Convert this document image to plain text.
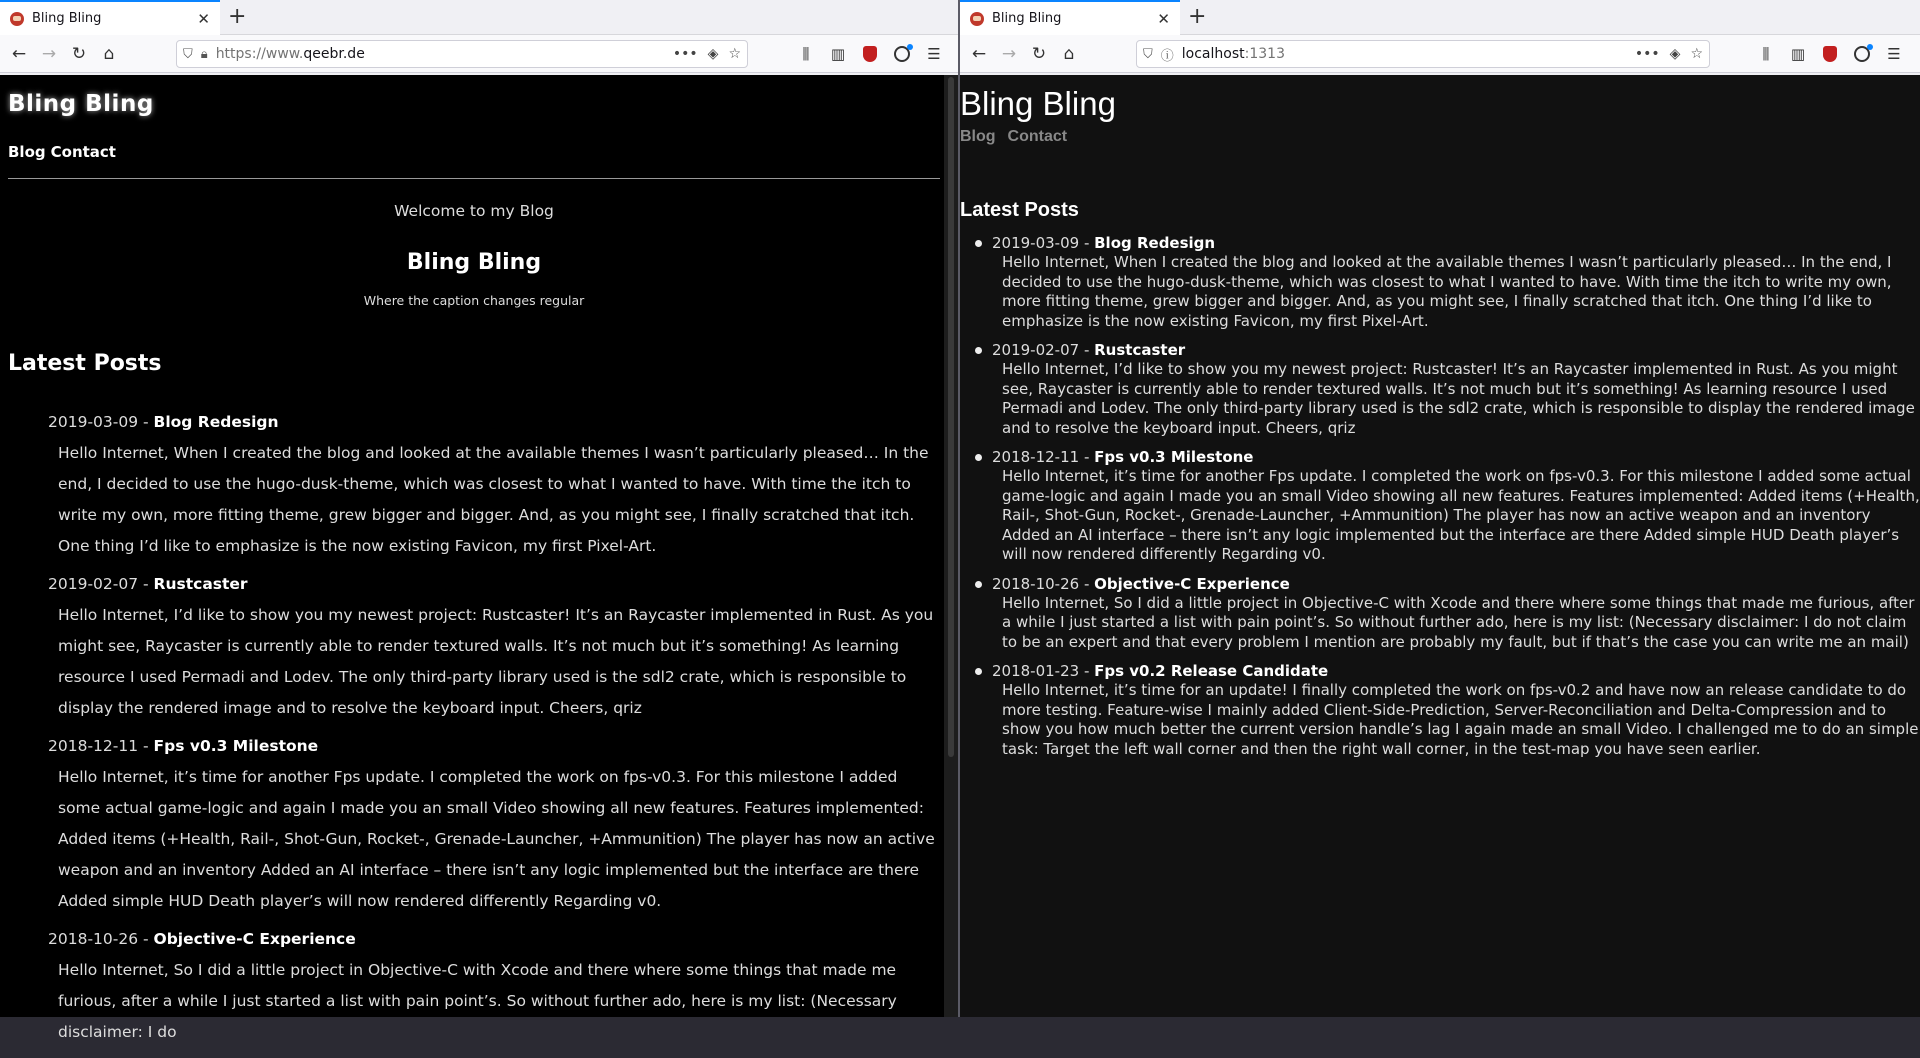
Bling Bling	✕ +
← → ↻	⌂	⛉ 🔒︎ https://www.qeebr.de	••• ◈ ☆	⫼	▥	☰
Bling Bling
Blog Contact
Welcome to my Blog
Bling Bling
Where the caption changes regular
Latest Posts
2019-03-09 - Blog Redesign
Hello Internet, When I created the blog and looked at the available themes I wasn’t particularly pleased… In the end, I decided to use the hugo-dusk-theme, which was closest to what I wanted to have. With time the itch to write my own, more fitting theme, grew bigger and bigger. And, as you might see, I finally scratched that itch. One thing I’d like to emphasize is the now existing Favicon, my first Pixel-Art.
2019-02-07 - Rustcaster
Hello Internet, I’d like to show you my newest project: Rustcaster! It’s an Raycaster implemented in Rust. As you might see, Raycaster is currently able to render textured walls. It’s not much but it’s something! As learning resource I used Permadi and Lodev. The only third-party library used is the sdl2 crate, which is responsible to display the rendered image and to resolve the keyboard input. Cheers, qriz
2018-12-11 - Fps v0.3 Milestone
Hello Internet, it’s time for another Fps update. I completed the work on fps-v0.3. For this milestone I added some actual game-logic and again I made you an small Video showing all new features. Features implemented: Added items (+Health, Rail-, Shot-Gun, Rocket-, Grenade-Launcher, +Ammunition) The player has now an active weapon and an inventory Added an AI interface – there isn’t any logic implemented but the interface are there Added simple HUD Death player’s will now rendered differently Regarding v0.
2018-10-26 - Objective-C Experience
Hello Internet, So I did a little project in Objective-C with Xcode and there where some things that made me furious, after a while I just started a list with pain point’s. So without further ado, here is my list: (Necessary disclaimer: I do
Bling Bling	✕ +
← → ↻	⌂	⛉ ⓘ localhost:1313	••• ◈ ☆	⫼	▥	☰
Bling Bling
Blog Contact
Latest Posts
2019-03-09 - Blog Redesign
Hello Internet, When I created the blog and looked at the available themes I wasn’t particularly pleased… In the end, I decided to use the hugo-dusk-theme, which was closest to what I wanted to have. With time the itch to write my own, more fitting theme, grew bigger and bigger. And, as you might see, I finally scratched that itch. One thing I’d like to emphasize is the now existing Favicon, my first Pixel-Art.
2019-02-07 - Rustcaster
Hello Internet, I’d like to show you my newest project: Rustcaster! It’s an Raycaster implemented in Rust. As you might see, Raycaster is currently able to render textured walls. It’s not much but it’s something! As learning resource I used Permadi and Lodev. The only third-party library used is the sdl2 crate, which is responsible to display the rendered image and to resolve the keyboard input. Cheers, qriz
2018-12-11 - Fps v0.3 Milestone
Hello Internet, it’s time for another Fps update. I completed the work on fps-v0.3. For this milestone I added some actual game-logic and again I made you an small Video showing all new features. Features implemented: Added items (+Health, Rail-, Shot-Gun, Rocket-, Grenade-Launcher, +Ammunition) The player has now an active weapon and an inventory Added an AI interface – there isn’t any logic implemented but the interface are there Added simple HUD Death player’s will now rendered differently Regarding v0.
2018-10-26 - Objective-C Experience
Hello Internet, So I did a little project in Objective-C with Xcode and there where some things that made me furious, after a while I just started a list with pain point’s. So without further ado, here is my list: (Necessary disclaimer: I do not claim to be an expert and that every problem I mention are probably my fault, but if that’s the case you can write me an mail)
2018-01-23 - Fps v0.2 Release Candidate
Hello Internet, it’s time for an update! I finally completed the work on fps-v0.2 and have now an release candidate to do more testing. Feature-wise I mainly added Client-Side-Prediction, Server-Reconciliation and Delta-Compression and to show you how much better the current version handle’s lag I again made an small Video. I challenged me to do an simple task: Target the left wall corner and then the right wall corner, in the test-map you have seen earlier.
